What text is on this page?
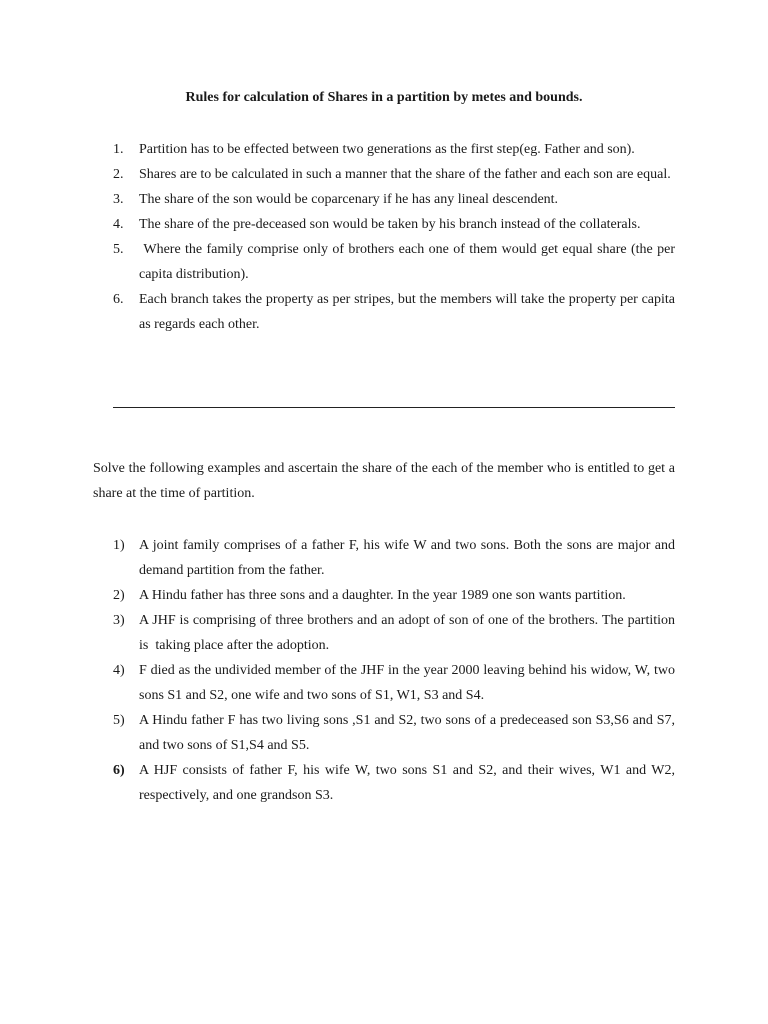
Rules for calculation of Shares in a partition by metes and bounds.
1. Partition has to be effected between two generations as the first step(eg. Father and son).
2. Shares are to be calculated in such a manner that the share of the father and each son are equal.
3. The share of the son would be coparcenary if he has any lineal descendent.
4. The share of the pre-deceased son would be taken by his branch instead of the collaterals.
5. Where the family comprise only of brothers each one of them would get equal share (the per capita distribution).
6. Each branch takes the property as per stripes, but the members will take the property per capita as regards each other.

Solve the following examples and ascertain the share of the each of the member who is entitled to get a share at the time of partition.

1) A joint family comprises of a father F, his wife W and two sons. Both the sons are major and demand partition from the father.
2) A Hindu father has three sons and a daughter. In the year 1989 one son wants partition.
3) A JHF is comprising of three brothers and an adopt of son of one of the brothers. The partition is  taking place after the adoption.
4) F died as the undivided member of the JHF in the year 2000 leaving behind his widow, W, two sons S1 and S2, one wife and two sons of S1, W1, S3 and S4.
5) A Hindu father F has two living sons ,S1 and S2, two sons of a predeceased son S3,S6 and S7, and two sons of S1,S4 and S5.
6) A HJF consists of father F, his wife W, two sons S1 and S2, and their wives, W1 and W2, respectively, and one grandson S3.
